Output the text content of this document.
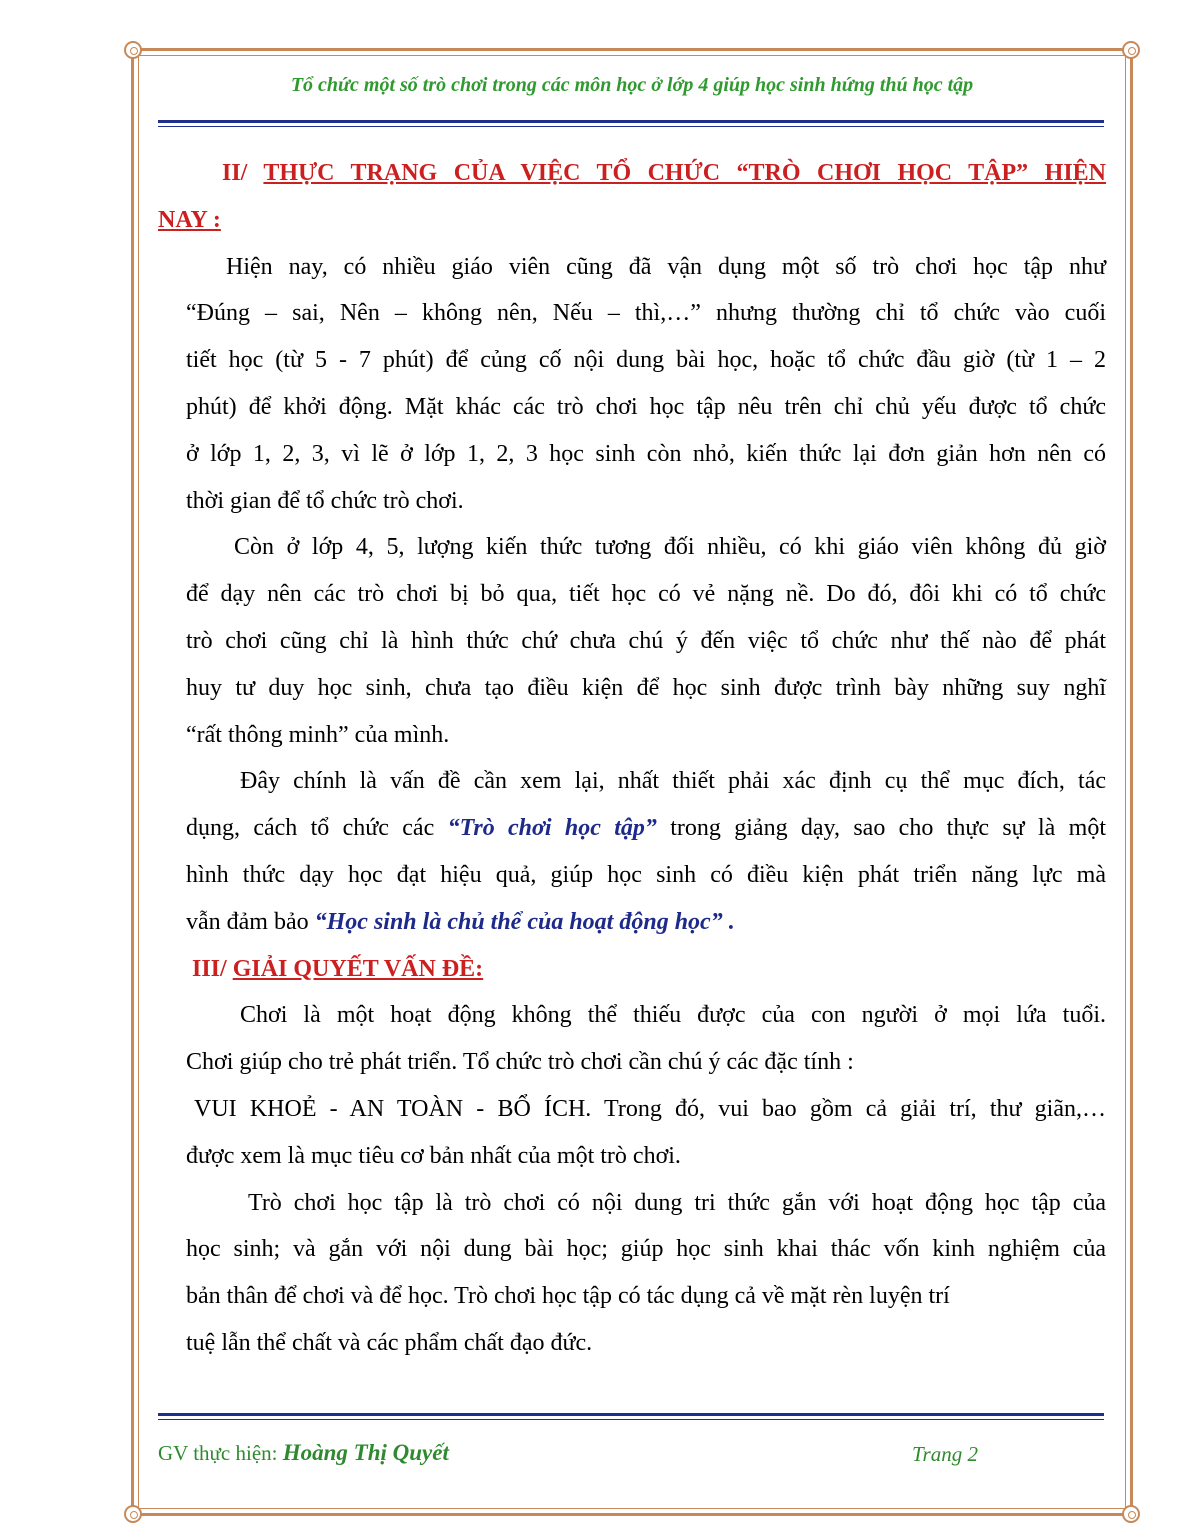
Tổ chức một số trò chơi trong các môn học ở lớp 4 giúp học sinh hứng thú học tập
II/ THỰC TRẠNG CỦA VIỆC TỔ CHỨC “TRÒ CHƠI HỌC TẬP” HIỆN
NAY :
Hiện nay, có nhiều giáo viên cũng đã vận dụng một số trò chơi học tập như
“Đúng – sai, Nên – không nên, Nếu – thì,…” nhưng thường chỉ tổ chức vào cuối
tiết học (từ 5 - 7 phút) để củng cố nội dung bài học, hoặc tổ chức đầu giờ (từ 1 – 2
phút) để khởi động. Mặt khác các trò chơi học tập nêu trên chỉ chủ yếu được tổ chức
ở lớp 1, 2, 3, vì lẽ ở lớp 1, 2, 3 học sinh còn nhỏ, kiến thức lại đơn giản hơn nên có
thời gian để tổ chức trò chơi.
Còn ở lớp 4, 5, lượng kiến thức tương đối nhiều, có khi giáo viên không đủ giờ
để dạy nên các trò chơi bị bỏ qua, tiết học có vẻ nặng nề. Do đó, đôi khi có tổ chức
trò chơi cũng chỉ là hình thức chứ chưa chú ý đến việc tổ chức như thế nào để phát
huy tư duy học sinh, chưa tạo điều kiện để học sinh được trình bày những suy nghĩ
“rất thông minh” của mình.
Đây chính là vấn đề cần xem lại, nhất thiết phải xác định cụ thể mục đích, tác
dụng, cách tổ chức các “Trò chơi học tập” trong giảng dạy, sao cho thực sự là một
hình thức dạy học đạt hiệu quả, giúp học sinh có điều kiện phát triển năng lực mà
vẫn đảm bảo “Học sinh là chủ thể của hoạt động học” .
III/ GIẢI QUYẾT VẤN ĐỀ:
Chơi là một hoạt động không thể thiếu được của con người ở mọi lứa tuổi.
Chơi giúp cho trẻ phát triển. Tổ chức trò chơi cần chú ý các đặc tính :
VUI KHOẺ - AN TOÀN - BỔ ÍCH. Trong đó, vui bao gồm cả giải trí, thư giãn,…
được xem là mục tiêu cơ bản nhất của một trò chơi.
Trò chơi học tập là trò chơi có nội dung tri thức gắn với hoạt động học tập của
học sinh; và gắn với nội dung bài học; giúp học sinh khai thác vốn kinh nghiệm của
bản thân để chơi và để học. Trò chơi học tập có tác dụng cả về mặt rèn luyện trí
tuệ lẫn thể chất và các phẩm chất đạo đức.
GV thực hiện: Hoàng Thị Quyết	Trang 2
